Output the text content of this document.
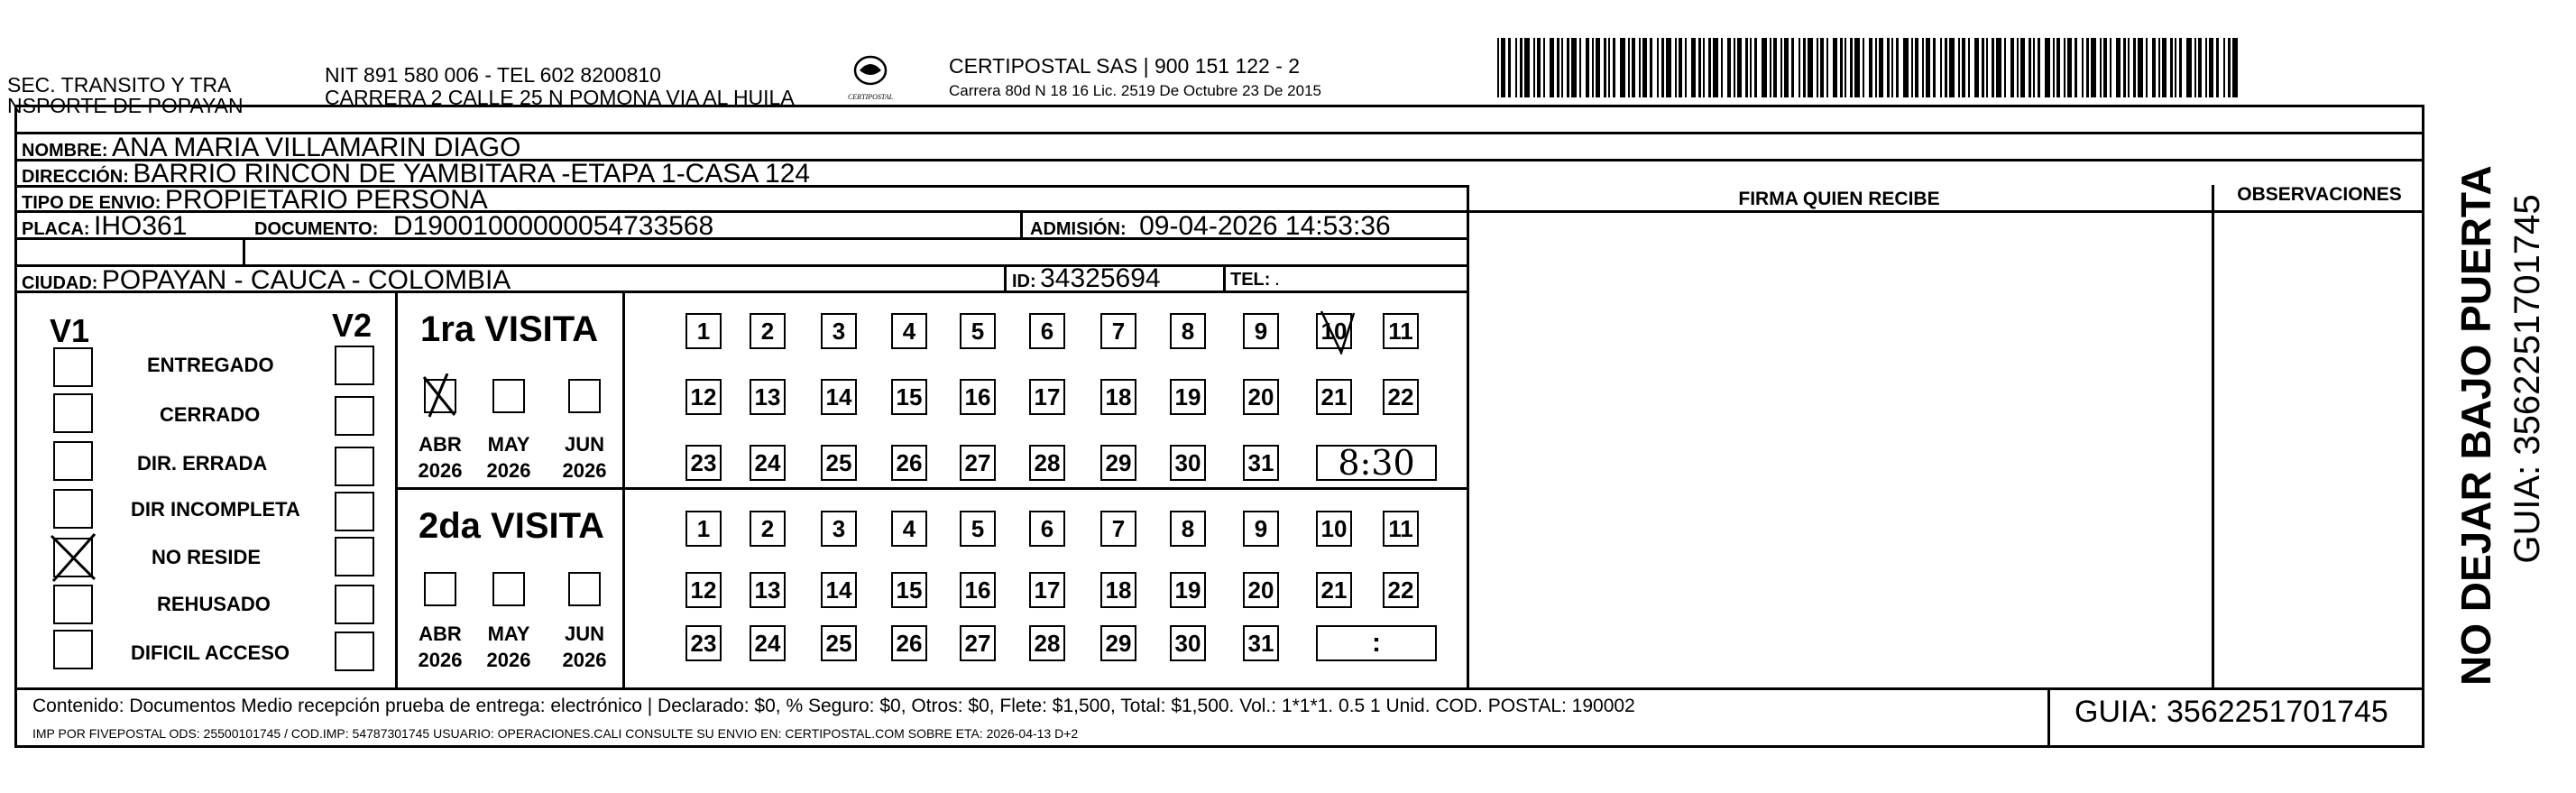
SEC. TRANSITO Y TRA
NSPORTE DE POPAYAN
NIT 891 580 006 - TEL 602 8200810
CARRERA 2 CALLE 25 N POMONA VIA AL HUILA	CERTIPOSTAL
CERTIPOSTAL SAS | 900 151 122 - 2
Carrera 80d N 18 16 Lic. 2519 De Octubre 23 De 2015
NOMBRE: ANA MARIA VILLAMARIN DIAGO
DIRECCIÓN: BARRIO RINCON DE YAMBITARA -ETAPA 1-CASA 124
TIPO DE ENVIO: PROPIETARIO PERSONA
PLACA: IHO361	DOCUMENTO: D19001000000054733568	ADMISIÓN: 09-04-2026 14:53:36
CIUDAD: POPAYAN - CAUCA - COLOMBIA	ID: 34325694	TEL: .
FIRMA QUIEN RECIBE	OBSERVACIONES
V1	V2
ENTREGADO
CERRADO
DIR. ERRADA
DIR INCOMPLETA
NO RESIDE
REHUSADO
DIFICIL ACCESO
1ra VISITA
2da VISITA
1	2	3	4	5	6	7	8	9	10 11
12 13 14 15 16 17 18 19 20 21 22
23 24 25 26 27 28 29 30 31	8:30
ABR
2026
MAY
2026
JUN
2026
1	2	3	4	5	6	7	8	9	10 11
12 13 14 15 16 17 18 19 20 21 22
23 24 25 26 27 28 29 30 31	:
ABR
2026
MAY
2026
JUN
2026
Contenido: Documentos Medio recepción prueba de entrega: electrónico | Declarado: $0, % Seguro: $0, Otros: $0, Flete: $1,500, Total: $1,500. Vol.: 1*1*1. 0.5 1 Unid. COD. POSTAL: 190002
IMP POR FIVEPOSTAL ODS: 25500101745 / COD.IMP: 54787301745 USUARIO: OPERACIONES.CALI CONSULTE SU ENVIO EN: CERTIPOSTAL.COM SOBRE ETA: 2026-04-13 D+2
GUIA: 3562251701745
NO DEJAR BAJO PUERTA GUIA: 3562251701745
